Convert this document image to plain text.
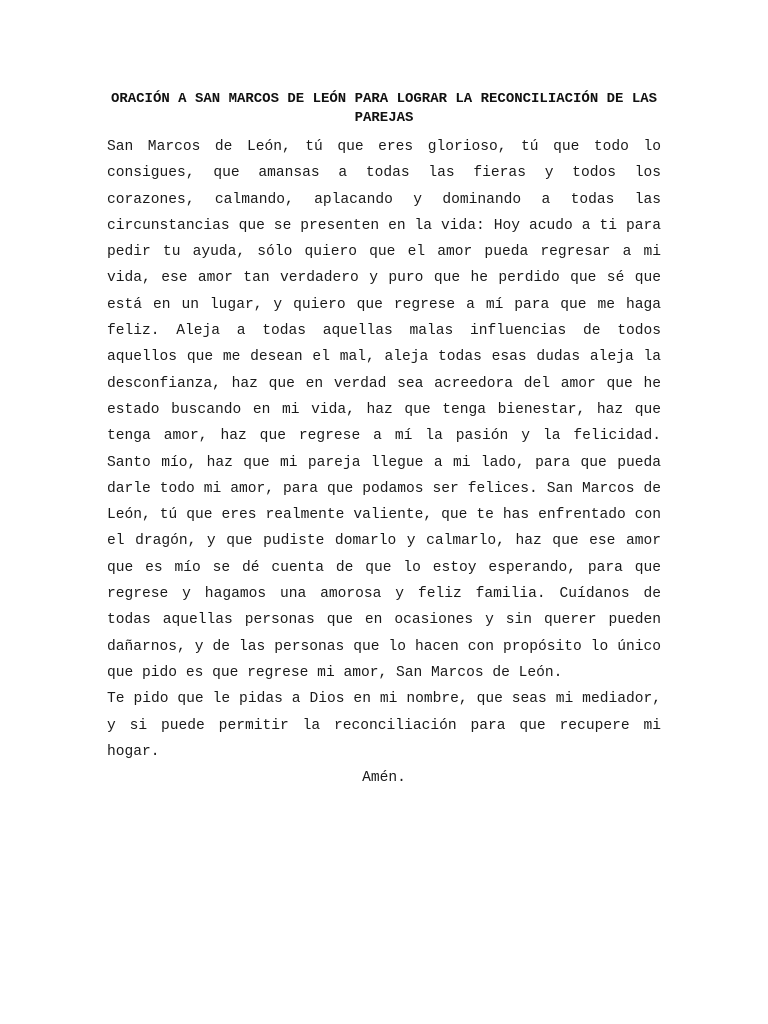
ORACIÓN A SAN MARCOS DE LEÓN PARA LOGRAR LA RECONCILIACIÓN DE LAS PAREJAS

San Marcos de León, tú que eres glorioso, tú que todo lo consigues, que amansas a todas las fieras y todos los corazones, calmando, aplacando y dominando a todas las circunstancias que se presenten en la vida: Hoy acudo a ti para pedir tu ayuda, sólo quiero que el amor pueda regresar a mi vida, ese amor tan verdadero y puro que he perdido que sé que está en un lugar, y quiero que regrese a mí para que me haga feliz. Aleja a todas aquellas malas influencias de todos aquellos que me desean el mal, aleja todas esas dudas aleja la desconfianza, haz que en verdad sea acreedora del amor que he estado buscando en mi vida, haz que tenga bienestar, haz que tenga amor, haz que regrese a mí la pasión y la felicidad. Santo mío, haz que mi pareja llegue a mi lado, para que pueda darle todo mi amor, para que podamos ser felices. San Marcos de León, tú que eres realmente valiente, que te has enfrentado con el dragón, y que pudiste domarlo y calmarlo, haz que ese amor que es mío se dé cuenta de que lo estoy esperando, para que regrese y hagamos una amorosa y feliz familia. Cuídanos de todas aquellas personas que en ocasiones y sin querer pueden dañarnos, y de las personas que lo hacen con propósito lo único que pido es que regrese mi amor, San Marcos de León.

Te pido que le pidas a Dios en mi nombre, que seas mi mediador, y si puede permitir la reconciliación para que recupere mi hogar.

Amén.
